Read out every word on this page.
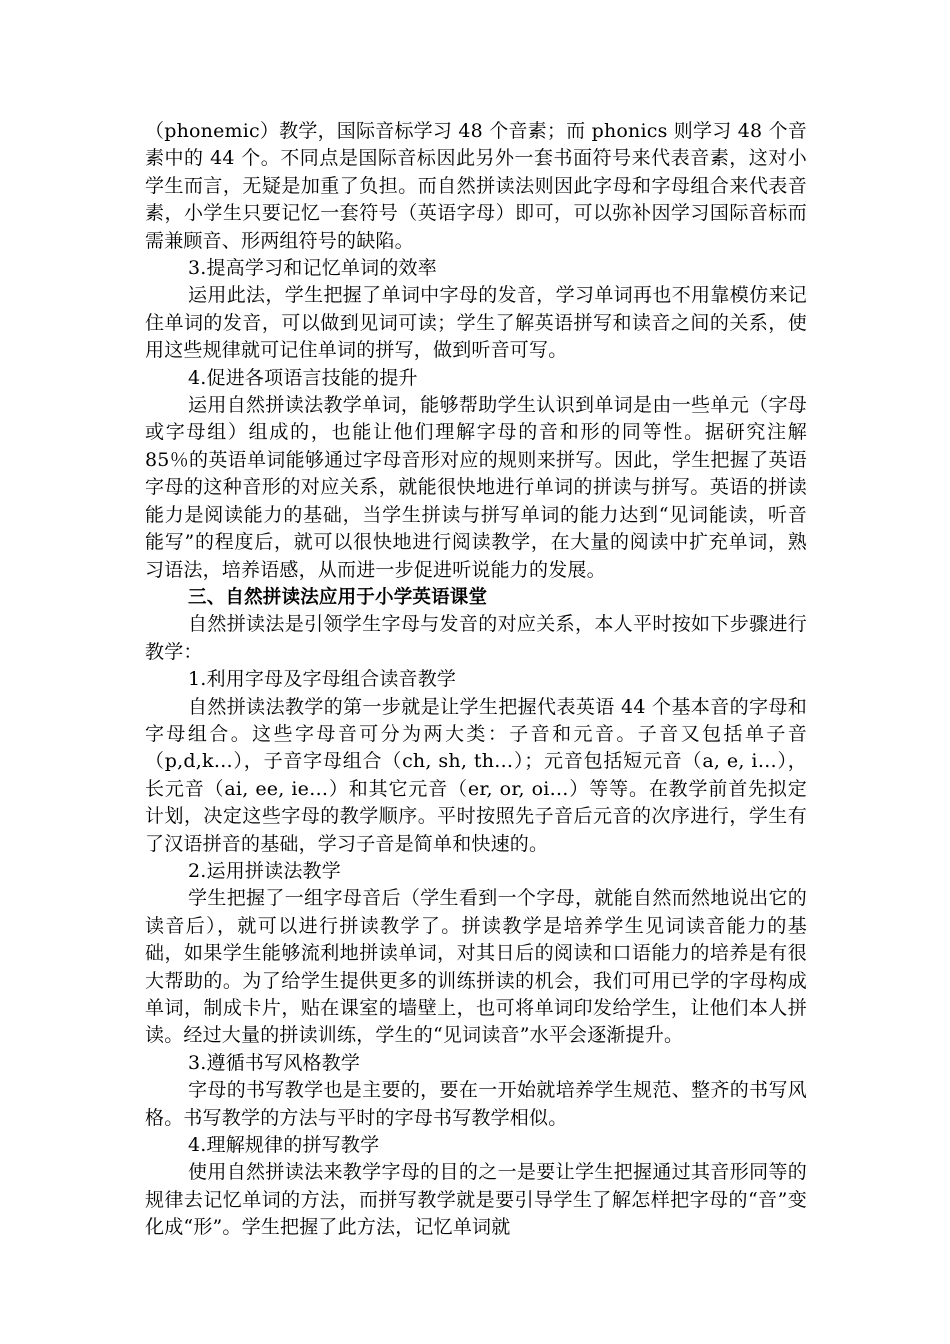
（phonemic）教学，国际音标学习 48 个音素；而 phonics 则学习 48 个音素中的 44 个。不同点是国际音标因此另外一套书面符号来代表音素，这对小学生而言，无疑是加重了负担。而自然拼读法则因此字母和字母组合来代表音素，小学生只要记忆一套符号（英语字母）即可，可以弥补因学习国际音标而需兼顾音、形两组符号的缺陷。

3.提高学习和记忆单词的效率

运用此法，学生把握了单词中字母的发音，学习单词再也不用靠模仿来记住单词的发音，可以做到见词可读；学生了解英语拼写和读音之间的关系，使用这些规律就可记住单词的拼写，做到听音可写。

4.促进各项语言技能的提升

运用自然拼读法教学单词，能够帮助学生认识到单词是由一些单元（字母或字母组）组成的，也能让他们理解字母的音和形的同等性。据研究注解 85％的英语单词能够通过字母音形对应的规则来拼写。因此，学生把握了英语字母的这种音形的对应关系，就能很快地进行单词的拼读与拼写。英语的拼读能力是阅读能力的基础，当学生拼读与拼写单词的能力达到“见词能读，听音能写”的程度后，就可以很快地进行阅读教学，在大量的阅读中扩充单词，熟习语法，培养语感，从而进一步促进听说能力的发展。

三、自然拼读法应用于小学英语课堂

自然拼读法是引领学生字母与发音的对应关系，本人平时按如下步骤进行教学：

1.利用字母及字母组合读音教学

自然拼读法教学的第一步就是让学生把握代表英语 44 个基本音的字母和字母组合。这些字母音可分为两大类：子音和元音。子音又包括单子音（p,d,k…），子音字母组合（ch, sh, th…）；元音包括短元音（a, e, i…），长元音（ai, ee, ie…）和其它元音（er, or, oi…）等等。在教学前首先拟定计划，决定这些字母的教学顺序。平时按照先子音后元音的次序进行，学生有了汉语拼音的基础，学习子音是简单和快速的。

2.运用拼读法教学

学生把握了一组字母音后（学生看到一个字母，就能自然而然地说出它的读音后），就可以进行拼读教学了。拼读教学是培养学生见词读音能力的基础，如果学生能够流利地拼读单词，对其日后的阅读和口语能力的培养是有很大帮助的。为了给学生提供更多的训练拼读的机会，我们可用已学的字母构成单词，制成卡片，贴在课室的墙壁上，也可将单词印发给学生，让他们本人拼读。经过大量的拼读训练，学生的“见词读音”水平会逐渐提升。

3.遵循书写风格教学

字母的书写教学也是主要的，要在一开始就培养学生规范、整齐的书写风格。书写教学的方法与平时的字母书写教学相似。

4.理解规律的拼写教学

使用自然拼读法来教学字母的目的之一是要让学生把握通过其音形同等的规律去记忆单词的方法，而拼写教学就是要引导学生了解怎样把字母的“音”变化成“形”。学生把握了此方法，记忆单词就
